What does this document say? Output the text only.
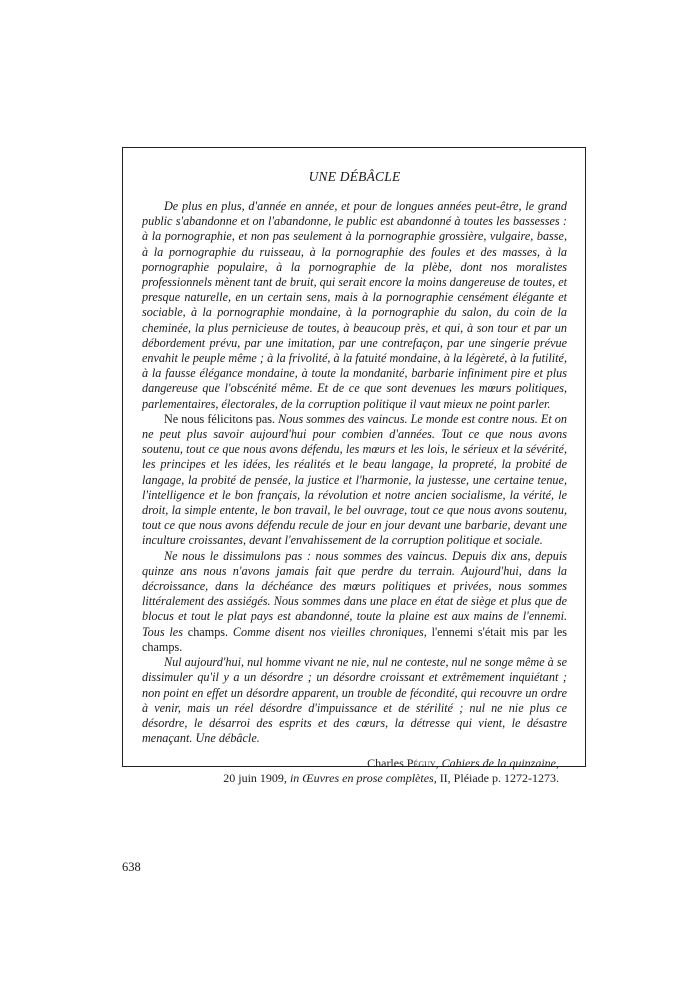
UNE DÉBÂCLE

De plus en plus, d'année en année, et pour de longues années peut-être, le grand public s'abandonne et on l'abandonne, le public est abandonné à toutes les bassesses : à la pornographie, et non pas seulement à la pornographie grossière, vulgaire, basse, à la pornographie du ruisseau, à la pornographie des foules et des masses, à la pornographie populaire, à la pornographie de la plèbe, dont nos moralistes professionnels mènent tant de bruit, qui serait encore la moins dangereuse de toutes, et presque naturelle, en un certain sens, mais à la pornographie censément élégante et sociable, à la pornographie mondaine, à la pornographie du salon, du coin de la cheminée, la plus pernicieuse de toutes, à beaucoup près, et qui, à son tour et par un débordement prévu, par une imitation, par une contrefaçon, par une singerie prévue envahit le peuple même ; à la frivolité, à la fatuité mondaine, à la légèreté, à la futilité, à la fausse élégance mondaine, à toute la mondanité, barbarie infiniment pire et plus dangereuse que l'obscénité même. Et de ce que sont devenues les mœurs politiques, parlementaires, électorales, de la corruption politique il vaut mieux ne point parler.

Ne nous félicitons pas. Nous sommes des vaincus. Le monde est contre nous. Et on ne peut plus savoir aujourd'hui pour combien d'années. Tout ce que nous avons soutenu, tout ce que nous avons défendu, les mœurs et les lois, le sérieux et la sévérité, les principes et les idées, les réalités et le beau langage, la propreté, la probité de langage, la probité de pensée, la justice et l'harmonie, la justesse, une certaine tenue, l'intelligence et le bon français, la révolution et notre ancien socialisme, la vérité, le droit, la simple entente, le bon travail, le bel ouvrage, tout ce que nous avons soutenu, tout ce que nous avons défendu recule de jour en jour devant une barbarie, devant une inculture croissantes, devant l'envahissement de la corruption politique et sociale.

Ne nous le dissimulons pas : nous sommes des vaincus. Depuis dix ans, depuis quinze ans nous n'avons jamais fait que perdre du terrain. Aujourd'hui, dans la décroissance, dans la déchéance des mœurs politiques et privées, nous sommes littéralement des assiégés. Nous sommes dans une place en état de siège et plus que de blocus et tout le plat pays est abandonné, toute la plaine est aux mains de l'ennemi. Tous les champs. Comme disent nos vieilles chroniques, l'ennemi s'était mis par les champs.

Nul aujourd'hui, nul homme vivant ne nie, nul ne conteste, nul ne songe même à se dissimuler qu'il y a un désordre ; un désordre croissant et extrêmement inquiétant ; non point en effet un désordre apparent, un trouble de fécondité, qui recouvre un ordre à venir, mais un réel désordre d'impuissance et de stérilité ; nul ne nie plus ce désordre, le désarroi des esprits et des cœurs, la détresse qui vient, le désastre menaçant. Une débâcle.

Charles Péguy, Cahiers de la quinzaine,
20 juin 1909, in Œuvres en prose complètes, II, Pléiade p. 1272-1273.
638
